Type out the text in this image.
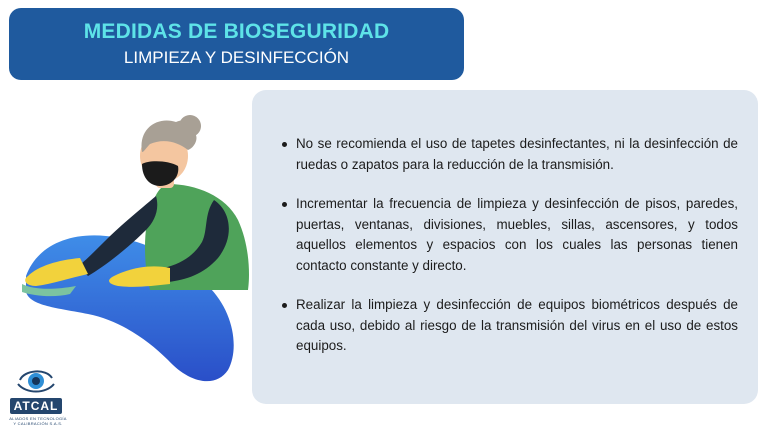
MEDIDAS DE BIOSEGURIDAD
LIMPIEZA Y DESINFECCIÓN
No se recomienda el uso de tapetes desinfectantes, ni la desinfección de ruedas o zapatos para la reducción de la transmisión.
Incrementar la frecuencia de limpieza y desinfección de pisos, paredes, puertas, ventanas, divisiones, muebles, sillas, ascensores, y todos aquellos elementos y espacios con los cuales las personas tienen contacto constante y directo.
Realizar la limpieza y desinfección de equipos biométricos después de cada uso, debido al riesgo de la transmisión del virus en el uso de estos equipos.
ATCAL
ALIADOS EN TECNOLOGÍA Y CALIBRACIÓN S.A.S.
